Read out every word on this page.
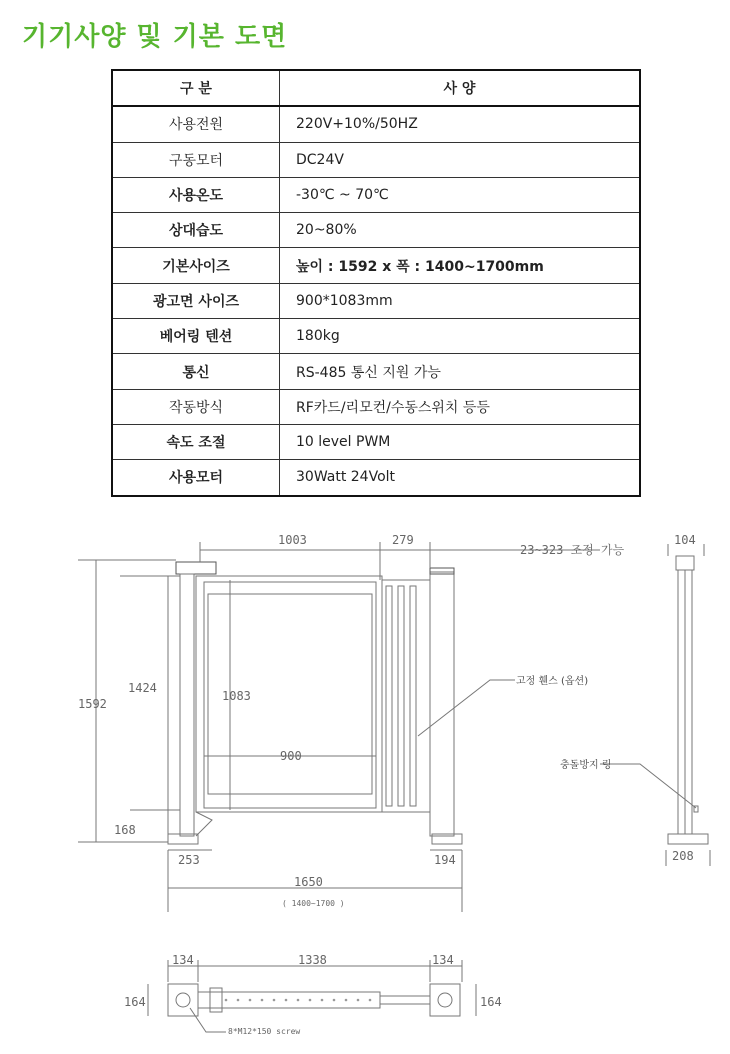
기기사양 및 기본 도면
구 분	사 양
사용전원	220V+10%/50HZ
구동모터	DC24V
사용온도	-30℃ ~ 70℃
상대습도	20~80%
기본사이즈	높이 : 1592 x 폭 : 1400~1700mm
광고면 사이즈	900*1083mm
베어링 텐션	180kg
통신	RS-485 통신 지원 가능
작동방식	RF카드/리모컨/수동스위치 등등
속도 조절	10 level PWM
사용모터	30Watt 24Volt
1003	279
23~323 조정 가능
104
1592
1424
1083
900
168
253	194	208
1650
( 1400~1700 )
134	1338	134
164	164
8*M12*150 screw
고정 휀스 (옵션)
충돌방지 링
